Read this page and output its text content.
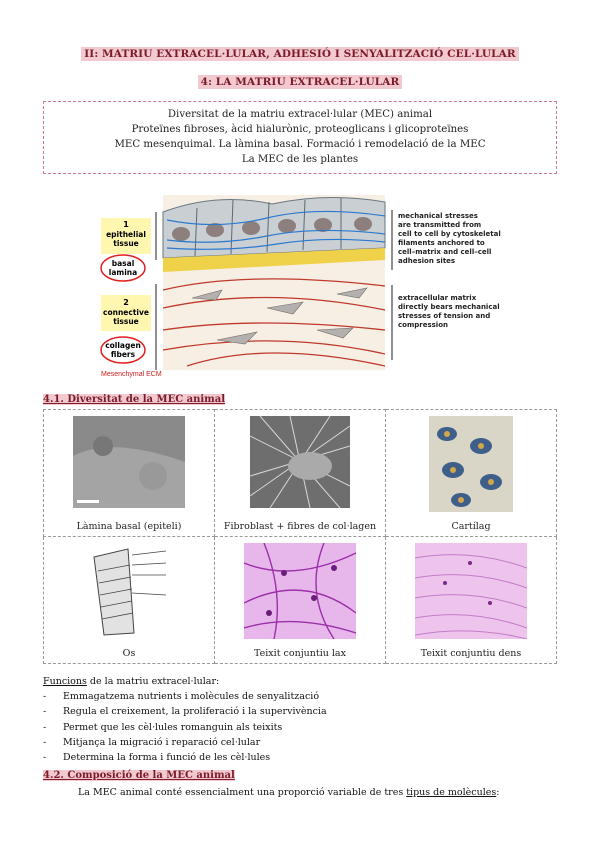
II: MATRIU EXTRACEL·LULAR, ADHESIÓ I SENYALITZACIÓ CEL·LULAR
4: LA MATRIU EXTRACEL·LULAR
Diversitat de la matriu extracel·lular (MEC) animal
Proteïnes fibroses, àcid hialurònic, proteoglicans i glicoproteïnes
MEC mesenquimal. La làmina basal. Formació i remodelació de la MEC
La MEC de les plantes
1
epithelial
tissue
basal
lamina
2
connective
tissue
collagen
fibers
Mesenchymal ECM
mechanical stresses
are transmitted from
cell to cell by cytoskeletal
filaments anchored to
cell–matrix and cell–cell
adhesion sites
extracellular matrix
directly bears mechanical
stresses of tension and
compression
4.1. Diversitat de la MEC animal
Làmina basal (epiteli)	Fibroblast + fibres de col·lagen	Cartílag

Os	Teixit conjuntiu lax	Teixit conjuntiu dens
Funcions de la matriu extracel·lular:
- Emmagatzema nutrients i molècules de senyalització
- Regula el creixement, la proliferació i la supervivència
- Permet que les cèl·lules romanguin als teixits
- Mitjança la migració i reparació cel·lular
- Determina la forma i funció de les cèl·lules
4.2. Composició de la MEC animal
La MEC animal conté essencialment una proporció variable de tres tipus de molècules:
